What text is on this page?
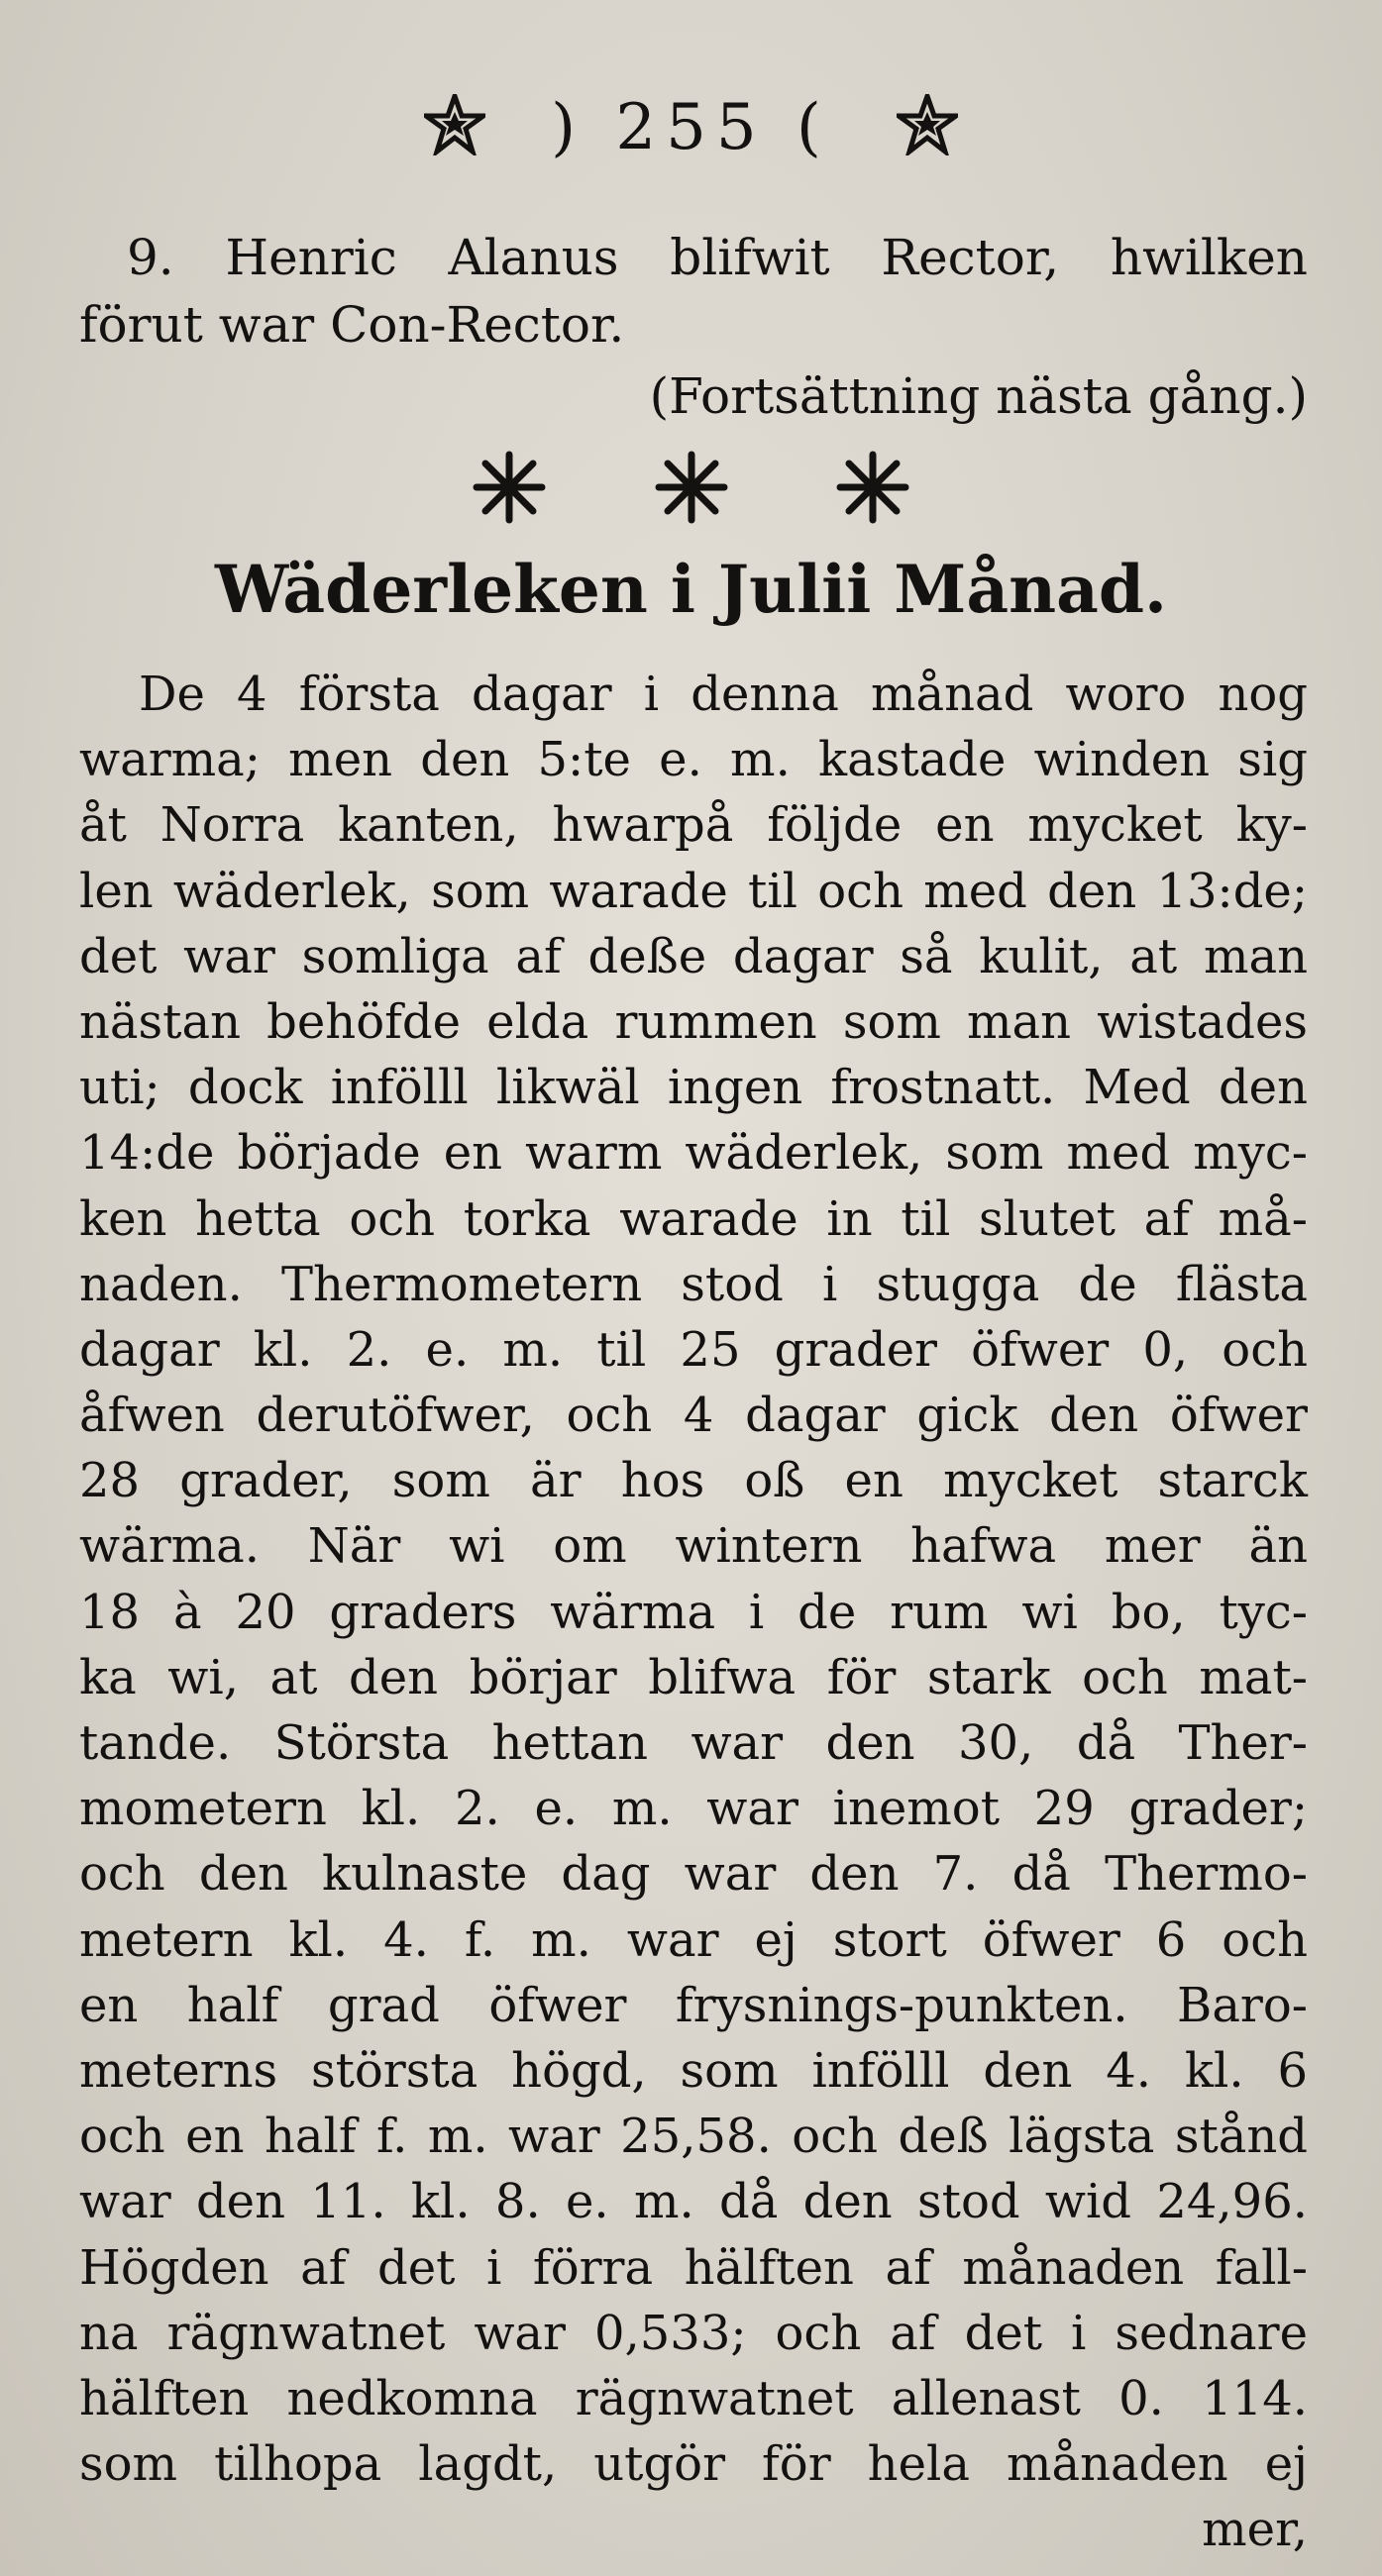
) 255 (
9. Henric Alanus blifwit Rector, hwilken
förut war Con-Rector.
(Fortsättning nästa gång.)

Wäderleken i Julii Månad.
De 4 första dagar i denna månad woro nog
warma; men den 5:te e. m. kastade winden sig
åt Norra kanten, hwarpå följde en mycket ky-
len wäderlek, som warade til och med den 13:de;
det war somliga af deße dagar så kulit, at man
nästan behöfde elda rummen som man wistades
uti; dock infölll likwäl ingen frostnatt. Med den
14:de började en warm wäderlek, som med myc-
ken hetta och torka warade in til slutet af må-
naden. Thermometern stod i stugga de flästa
dagar kl. 2. e. m. til 25 grader öfwer 0, och
åfwen derutöfwer, och 4 dagar gick den öfwer
28 grader, som är hos oß en mycket starck
wärma. När wi om wintern hafwa mer än
18 à 20 graders wärma i de rum wi bo, tyc-
ka wi, at den börjar blifwa för stark och mat-
tande. Största hettan war den 30, då Ther-
mometern kl. 2. e. m. war inemot 29 grader;
och den kulnaste dag war den 7. då Thermo-
metern kl. 4. f. m. war ej stort öfwer 6 och
en half grad öfwer frysnings-punkten. Baro-
meterns största högd, som infölll den 4. kl. 6
och en half f. m. war 25,58. och deß lägsta stånd
war den 11. kl. 8. e. m. då den stod wid 24,96.
Högden af det i förra hälften af månaden fall-
na rägnwatnet war 0,533; och af det i sednare
hälften nedkomna rägnwatnet allenast 0. 114.
som tilhopa lagdt, utgör för hela månaden ej
mer,
